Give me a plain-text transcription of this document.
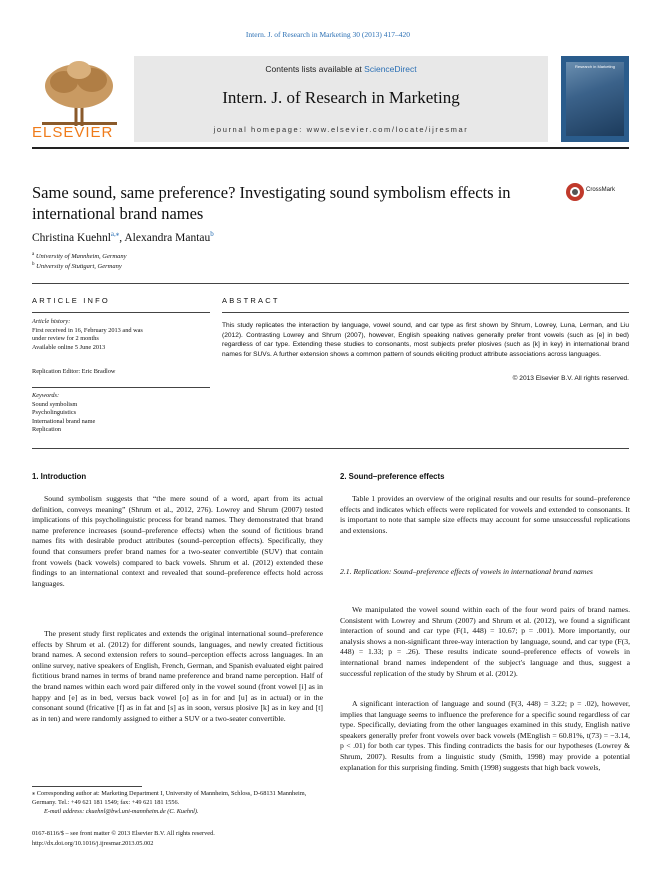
Intern. J. of Research in Marketing 30 (2013) 417–420
ELSEVIER
Contents lists available at ScienceDirect
Intern. J. of Research in Marketing
journal homepage: www.elsevier.com/locate/ijresmar
Research in Marketing
Same sound, same preference? Investigating sound symbolism effects in
international brand names
CrossMark
Christina Kuehnl$^{a,⁎}$, Alexandra Mantau$^b$
$^a$ University of Mannheim, Germany
$^b$ University of Stuttgart, Germany
ARTICLE INFO	ABSTRACT
Article history:
First received in 16, February 2013 and was
under review for 2 months
Available online 5 June 2013
Replication Editor: Eric Bradlow
Keywords:
Sound symbolism
Psycholinguistics
International brand name
Replication
This study replicates the interaction by language, vowel sound, and car type as first shown by Shrum, Lowrey, Luna, Lerman, and Liu (2012). Contrasting Lowrey and Shrum (2007), however, English speaking natives generally prefer front vowels (such as [e] in bed) regardless of car type. Extending these studies to consonants, most subjects prefer plosives (such as [k] in key) in international brand names for SUVs. A further extension shows a common pattern of sounds eliciting product attribute associations across languages.
© 2013 Elsevier B.V. All rights reserved.
1. Introduction
Sound symbolism suggests that “the mere sound of a word, apart from its actual definition, conveys meaning” (Shrum et al., 2012, 276). Lowrey and Shrum (2007) tested implications of this psycholinguistic process for brand names. They demonstrated that brand name preference increases (sound–preference effects) when the sound of fictitious brand names fits with desirable product attributes (sound–perception effects). Specifically, they found that consumers prefer brand names for a two-seater convertible (SUV) that contain front vowels (back vowels) compared to back vowels. Shrum et al. (2012) extended these findings to an international context and revealed that sound–preference effects hold across languages.
The present study first replicates and extends the original international sound–preference effects by Shrum et al. (2012) for different sounds, languages, and newly created fictitious brand names. A second extension refers to sound–perception effects across languages. In an online survey, native speakers of English, French, German, and Spanish evaluated eight paired fictitious brand names in terms of brand name preference and brand name perception. Half of the brand names within each word pair differed only in the vowel sound (front vowel [i] as in happy and [e] as in bed, versus back vowel [o] as in for and [u] as in actual) or in the consonant sound (fricative [f] as in fat and [s] as in soon, versus plosive [k] as in key and [t] as in ten) and were randomly assigned to either a SUV or a two-seater convertible.
2. Sound–preference effects
Table 1 provides an overview of the original results and our results for sound–preference effects and indicates which effects were replicated for vowels and extended to consonants. It is important to note that sample size effects may account for some unsuccessful replications and extensions.
2.1. Replication: Sound–preference effects of vowels in international brand names
We manipulated the vowel sound within each of the four word pairs of brand names. Consistent with Lowrey and Shrum (2007) and Shrum et al. (2012), we found a significant interaction of sound and car type (F(1, 448) = 10.67; p = .001). More importantly, our analysis shows a non-significant three-way interaction by language, sound, and car type (F(3, 448) = 1.33; p = .26). These results indicate sound–preference effects of vowels in international brand names independent of the subject's language and thus, suggest a successful replication of the study by Shrum et al. (2012).
A significant interaction of language and sound (F(3, 448) = 3.22; p = .02), however, implies that language seems to influence the preference for a specific sound regardless of car type. Specifically, deviating from the other languages examined in this study, English native speakers generally prefer front vowels over back vowels (MEnglish = 60.81%, t(73) = −3.14, p < .01) for both car types. This finding contradicts the basis for our hypotheses (Lowrey & Shrum, 2007). Results from a linguistic study (Smith, 1998) may provide a potential explanation for this surprising finding. Smith (1998) suggests that high back vowels,
⁎ Corresponding author at: Marketing Department I, University of Mannheim, Schloss, D-68131 Mannheim, Germany. Tel.: +49 621 181 1549; fax: +49 621 181 1556.
E-mail address: ckuehnl@bwl.uni-mannheim.de (C. Kuehnl).
0167-8116/$ – see front matter © 2013 Elsevier B.V. All rights reserved.
http://dx.doi.org/10.1016/j.ijresmar.2013.05.002
